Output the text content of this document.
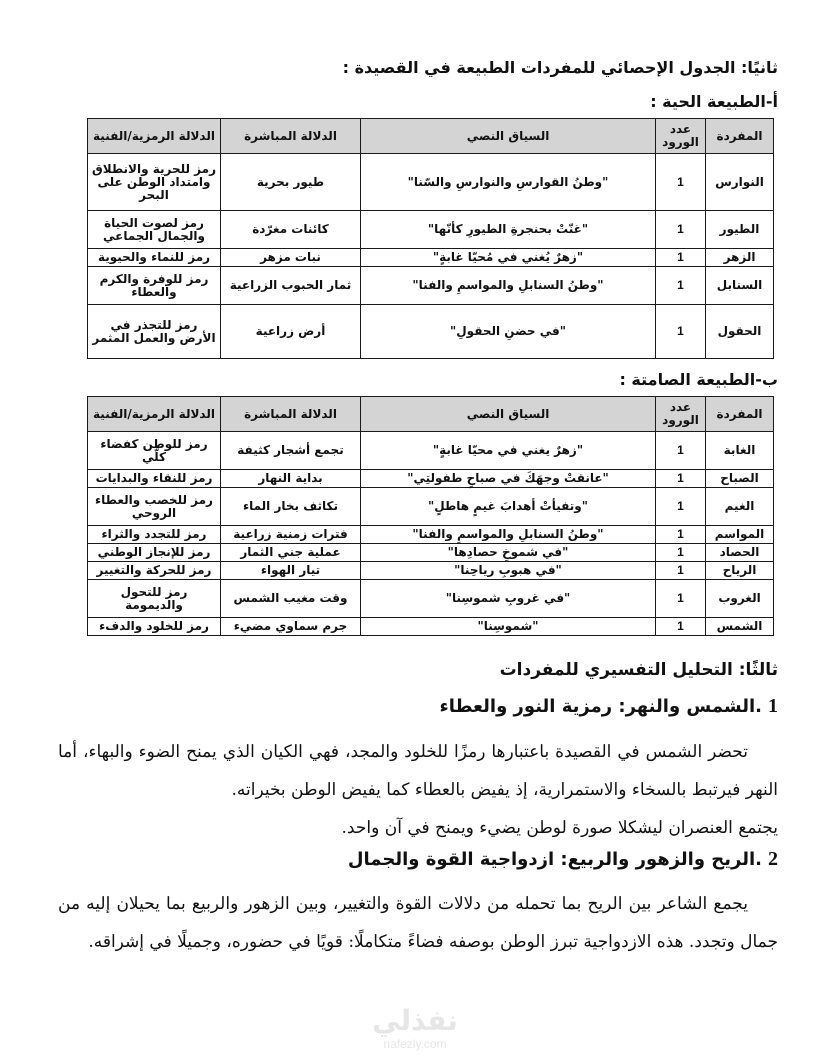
ثانيًا: الجدول الإحصائي للمفردات الطبيعة في القصيدة :
أ-الطبيعة الحية :
المفردة	عدد الورود	السياق النصي	الدلالة المباشرة	الدلالة الرمزية/الفنية
النوارس	1	"وطنُ القوارسِ والنوارسِ والسّنا"	طيور بحرية	رمز للحرية والانطلاق وامتداد الوطن على البحر
الطيور	1	"غنّتْ بحنجرةِ الطيورِ كأنّها"	كائنات مغرّدة	رمز لصوت الحياة والجمال الجماعي
الزهر	1	"زهرٌ يُغني في مُحيّا غابةٍ"	نبات مزهر	رمز للنماء والحيوية
السنابل	1	"وطنُ السنابلِ والمواسمِ والفنا"	ثمار الحبوب الزراعية	رمز للوفرة والكرم والعطاء
الحقول	1	"في حضنِ الحقولِ"	أرض زراعية	رمز للتجذر في الأرض والعمل المثمر
ب-الطبيعة الصامتة :
المفردة	عدد الورود	السياق النصي	الدلالة المباشرة	الدلالة الرمزية/الفنية
الغابة	1	"زهرٌ يغني في محيّا غابةٍ"	تجمع أشجار كثيفة	رمز للوطن كفضاء كلّي
الصباح	1	"عانقتْ وجهَكَ في صباحٍ طفولتِي"	بداية النهار	رمز للنقاء والبدايات
الغيم	1	"وتفيأتْ أهدابَ غيمٍ هاطلٍ"	تكاثف بخار الماء	رمز للخصب والعطاء الروحي
المواسم	1	"وطنُ السنابلِ والمواسمِ والفنا"	فترات زمنية زراعية	رمز للتجدد والثراء
الحصاد	1	"في شموخِ حصادِها"	عملية جني الثمار	رمز للإنجاز الوطني
الرياح	1	"في هبوبِ رياحِنا"	تيار الهواء	رمز للحركة والتغيير
الغروب	1	"في غروبِ شموسِنا"	وقت مغيب الشمس	رمز للتحول والديمومة
الشمس	1	"شموسِنا"	جرم سماوي مضيء	رمز للخلود والدفء
ثالثًا: التحليل التفسيري للمفردات
1.الشمس والنهر: رمزية النور والعطاء

تحضر الشمس في القصيدة باعتبارها رمزًا للخلود والمجد، فهي الكيان الذي يمنح الضوء والبهاء، أما النهر فيرتبط بالسخاء والاستمرارية، إذ يفيض بالعطاء كما يفيض الوطن بخيراته.

يجتمع العنصران ليشكلا صورة لوطن يضيء ويمنح في آن واحد.

2.الريح والزهور والربيع: ازدواجية القوة والجمال

يجمع الشاعر بين الريح بما تحمله من دلالات القوة والتغيير، وبين الزهور والربيع بما يحيلان إليه من جمال وتجدد. هذه الازدواجية تبرز الوطن بوصفه فضاءً متكاملًا: قويًا في حضوره، وجميلًا في إشراقه.

نفذلي
nafezly.com
